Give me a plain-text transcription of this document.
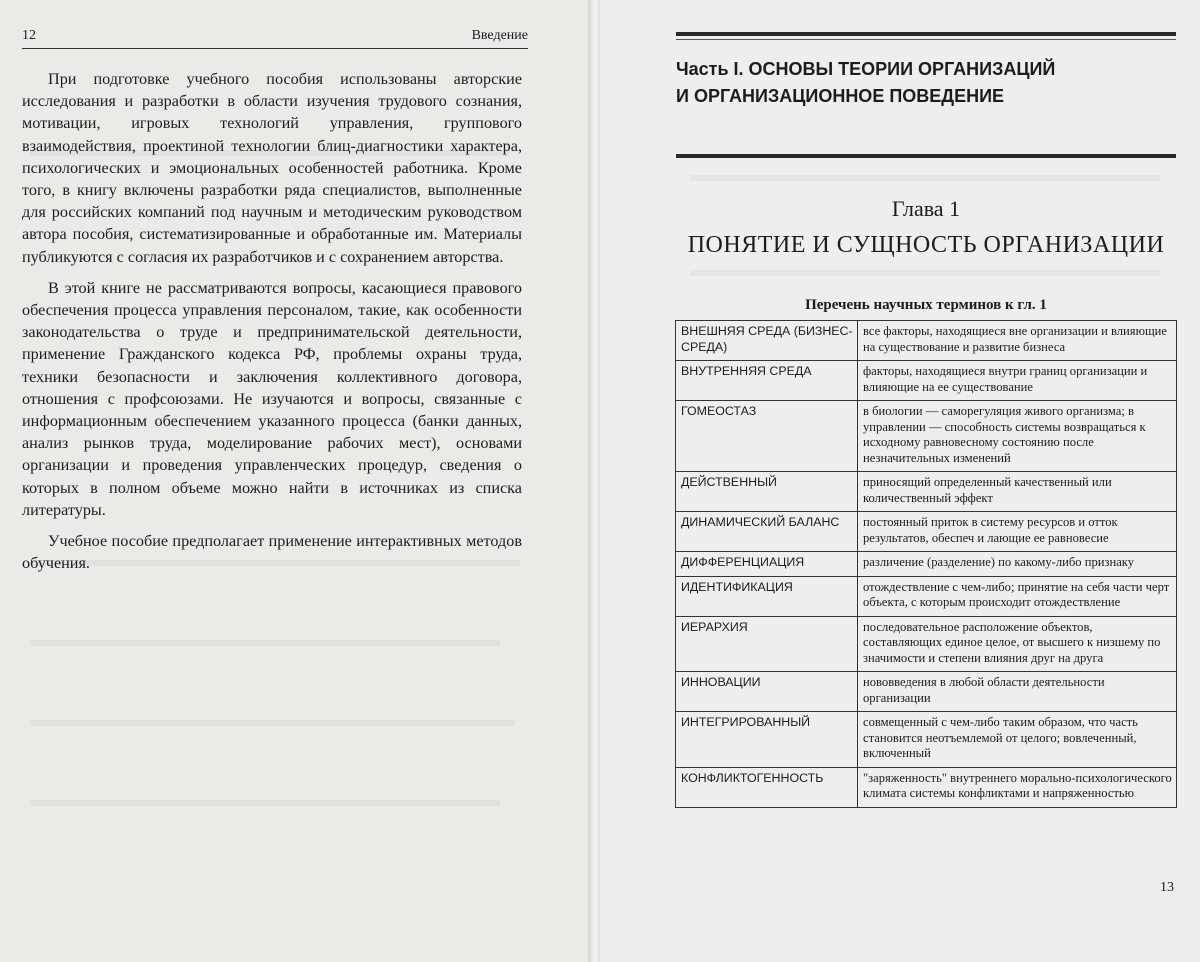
12	Введение

При подготовке учебного пособия использованы авторские исследования и разработки в области изучения трудового сознания, мотивации, игровых технологий управления, группового взаимодействия, проектиной технологии блиц-диагностики характера, психологических и эмоциональных особенностей работника. Кроме того, в книгу включены разработки ряда специалистов, выполненные для российских компаний под научным и методическим руководством автора пособия, систематизированные и обработанные им. Материалы публикуются с согласия их разработчиков и с сохранением авторства.

В этой книге не рассматриваются вопросы, касающиеся правового обеспечения процесса управления персоналом, такие, как особенности законодательства о труде и предпринимательской деятельности, применение Гражданского кодекса РФ, проблемы охраны труда, техники безопасности и заключения коллективного договора, отношения с профсоюзами. Не изучаются и вопросы, связанные с информационным обеспечением указанного процесса (банки данных, анализ рынков труда, моделирование рабочих мест), основами организации и проведения управленческих процедур, сведения о которых в полном объеме можно найти в источниках из списка литературы.

Учебное пособие предполагает применение интерактивных методов обучения.

Часть I. ОСНОВЫ ТЕОРИИ ОРГАНИЗАЦИЙ
И ОРГАНИЗАЦИОННОЕ ПОВЕДЕНИЕ
Глава 1
ПОНЯТИЕ И СУЩНОСТЬ ОРГАНИЗАЦИИ
Перечень научных терминов к гл. 1
ВНЕШНЯЯ СРЕДА (БИЗНЕС-СРЕДА)	все факторы, находящиеся вне организации и влияющие на существование и развитие бизнеса
ВНУТРЕННЯЯ СРЕДА	факторы, находящиеся внутри границ организации и влияющие на ее существование
ГОМЕОСТАЗ	в биологии — саморегуляция живого организма; в управлении — способность системы возвращаться к исходному равновесному состоянию после незначительных изменений
ДЕЙСТВЕННЫЙ	приносящий определенный качественный или количественный эффект
ДИНАМИЧЕСКИЙ БАЛАНС	постоянный приток в систему ресурсов и отток результатов, обеспеч и лающие ее равновесие
ДИФФЕРЕНЦИАЦИЯ	различение (разделение) по какому-либо признаку
ИДЕНТИФИКАЦИЯ	отождествление с чем-либо; принятие на себя части черт объекта, с которым происходит отождествление
ИЕРАРХИЯ	последовательное расположение объектов, составляющих единое целое, от высшего к низшему по значимости и степени влияния друг на друга
ИННОВАЦИИ	нововведения в любой области деятельности организации
ИНТЕГРИРОВАННЫЙ	совмещенный с чем-либо таким образом, что часть становится неотъемлемой от целого; вовлеченный, включенный
КОНФЛИКТОГЕННОСТЬ	"заряженность" внутреннего морально-психологического климата системы конфликтами и напряженностью
13
